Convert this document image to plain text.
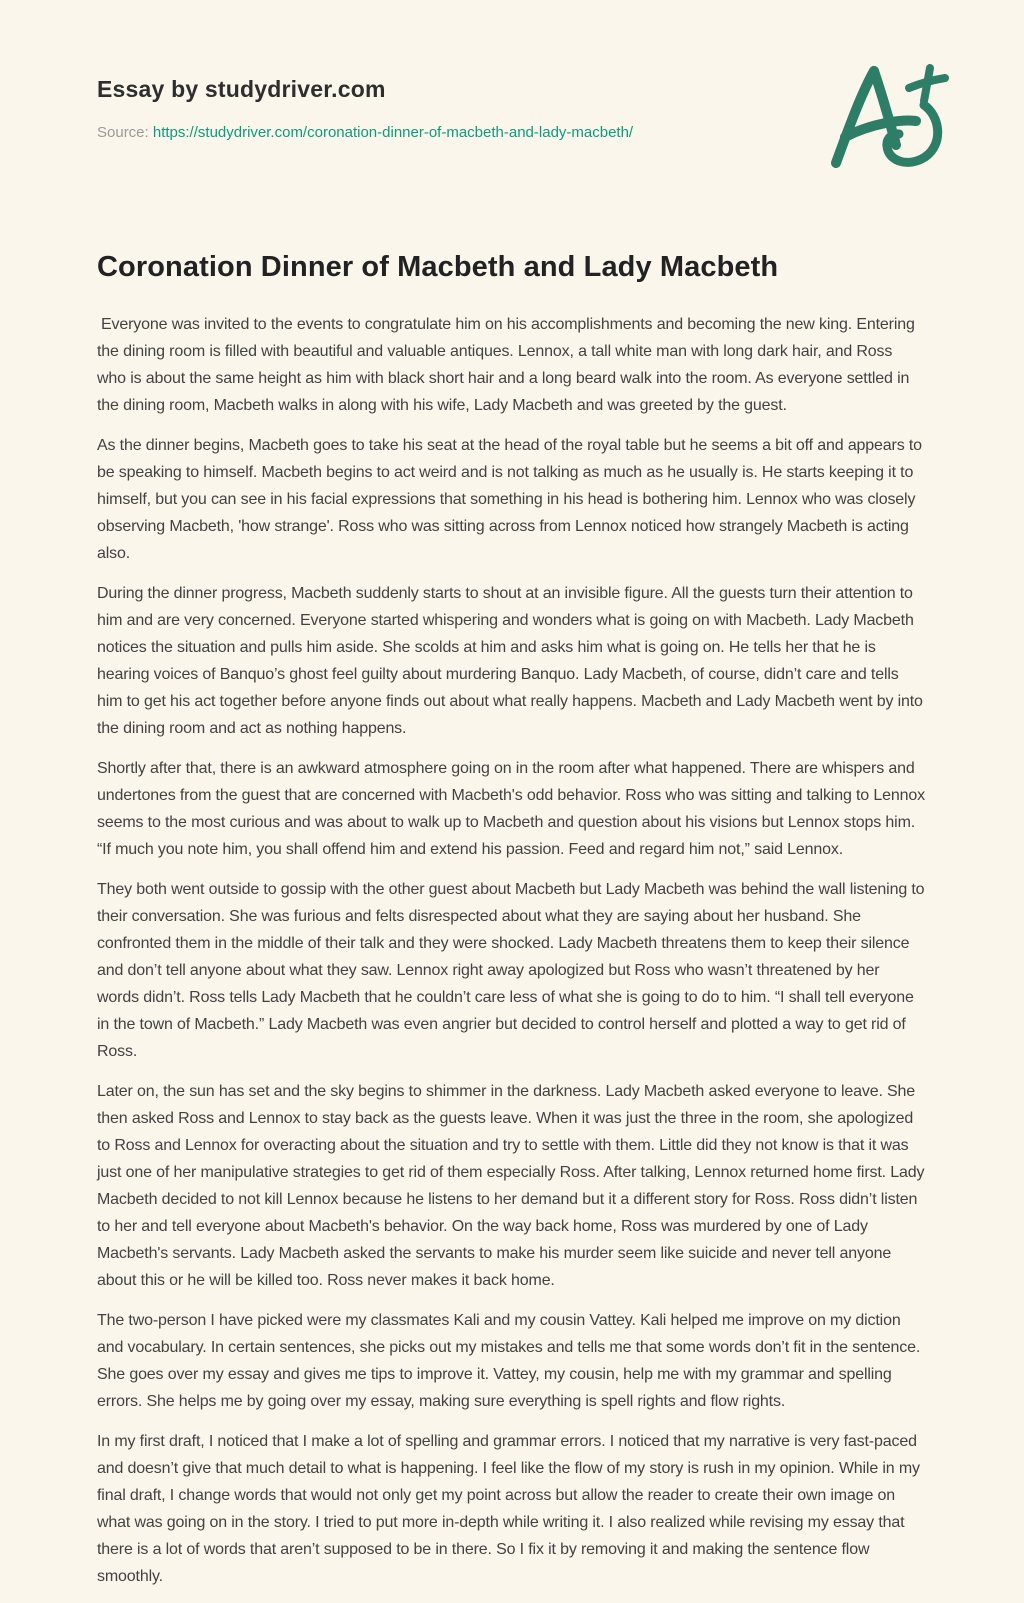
Essay by studydriver.com
Source: https://studydriver.com/coronation-dinner-of-macbeth-and-lady-macbeth/
Coronation Dinner of Macbeth and Lady Macbeth

Everyone was invited to the events to congratulate him on his accomplishments and becoming the new king. Entering the dining room is filled with beautiful and valuable antiques. Lennox, a tall white man with long dark hair, and Ross who is about the same height as him with black short hair and a long beard walk into the room. As everyone settled in the dining room, Macbeth walks in along with his wife, Lady Macbeth and was greeted by the guest.

As the dinner begins, Macbeth goes to take his seat at the head of the royal table but he seems a bit off and appears to be speaking to himself. Macbeth begins to act weird and is not talking as much as he usually is. He starts keeping it to himself, but you can see in his facial expressions that something in his head is bothering him. Lennox who was closely observing Macbeth, 'how strange'. Ross who was sitting across from Lennox noticed how strangely Macbeth is acting also.

During the dinner progress, Macbeth suddenly starts to shout at an invisible figure. All the guests turn their attention to him and are very concerned. Everyone started whispering and wonders what is going on with Macbeth. Lady Macbeth notices the situation and pulls him aside. She scolds at him and asks him what is going on. He tells her that he is hearing voices of Banquo’s ghost feel guilty about murdering Banquo. Lady Macbeth, of course, didn’t care and tells him to get his act together before anyone finds out about what really happens. Macbeth and Lady Macbeth went by into the dining room and act as nothing happens.

Shortly after that, there is an awkward atmosphere going on in the room after what happened. There are whispers and undertones from the guest that are concerned with Macbeth's odd behavior. Ross who was sitting and talking to Lennox seems to the most curious and was about to walk up to Macbeth and question about his visions but Lennox stops him. “If much you note him, you shall offend him and extend his passion. Feed and regard him not,” said Lennox.

They both went outside to gossip with the other guest about Macbeth but Lady Macbeth was behind the wall listening to their conversation. She was furious and felts disrespected about what they are saying about her husband. She confronted them in the middle of their talk and they were shocked. Lady Macbeth threatens them to keep their silence and don’t tell anyone about what they saw. Lennox right away apologized but Ross who wasn’t threatened by her words didn’t. Ross tells Lady Macbeth that he couldn’t care less of what she is going to do to him. “I shall tell everyone in the town of Macbeth.” Lady Macbeth was even angrier but decided to control herself and plotted a way to get rid of Ross.

Later on, the sun has set and the sky begins to shimmer in the darkness. Lady Macbeth asked everyone to leave. She then asked Ross and Lennox to stay back as the guests leave. When it was just the three in the room, she apologized to Ross and Lennox for overacting about the situation and try to settle with them. Little did they not know is that it was just one of her manipulative strategies to get rid of them especially Ross. After talking, Lennox returned home first. Lady Macbeth decided to not kill Lennox because he listens to her demand but it a different story for Ross. Ross didn’t listen to her and tell everyone about Macbeth's behavior. On the way back home, Ross was murdered by one of Lady Macbeth's servants. Lady Macbeth asked the servants to make his murder seem like suicide and never tell anyone about this or he will be killed too. Ross never makes it back home.

The two-person I have picked were my classmates Kali and my cousin Vattey. Kali helped me improve on my diction and vocabulary. In certain sentences, she picks out my mistakes and tells me that some words don’t fit in the sentence. She goes over my essay and gives me tips to improve it. Vattey, my cousin, help me with my grammar and spelling errors. She helps me by going over my essay, making sure everything is spell rights and flow rights.

In my first draft, I noticed that I make a lot of spelling and grammar errors. I noticed that my narrative is very fast-paced and doesn’t give that much detail to what is happening. I feel like the flow of my story is rush in my opinion. While in my final draft, I change words that would not only get my point across but allow the reader to create their own image on what was going on in the story. I tried to put more in-depth while writing it. I also realized while revising my essay that there is a lot of words that aren’t supposed to be in there. So I fix it by removing it and making the sentence flow smoothly.
